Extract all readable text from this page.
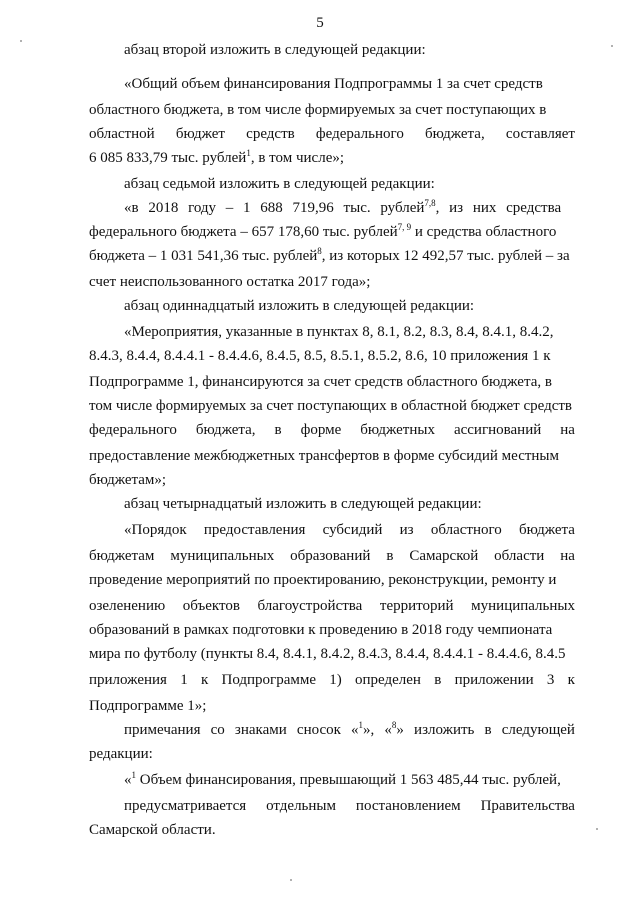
5
абзац второй изложить в следующей редакции:
«Общий объем финансирования Подпрограммы 1 за счет средств
областного бюджета, в том числе формируемых за счет поступающих в
областной бюджет средств федерального бюджета, составляет
6 085 833,79 тыс. рублей$^1$, в том числе»;
абзац седьмой изложить в следующей редакции:
«в 2018 году – 1 688 719,96 тыс. рублей$^{7,8}$, из них средства
федерального бюджета – 657 178,60 тыс. рублей$^{7, 9}$ и средства областного
бюджета – 1 031 541,36 тыс. рублей$^8$, из которых 12 492,57 тыс. рублей – за
счет неиспользованного остатка 2017 года»;
абзац одиннадцатый изложить в следующей редакции:
«Мероприятия, указанные в пунктах 8, 8.1, 8.2, 8.3, 8.4, 8.4.1, 8.4.2,
8.4.3, 8.4.4, 8.4.4.1 - 8.4.4.6, 8.4.5, 8.5, 8.5.1, 8.5.2, 8.6, 10 приложения 1 к
Подпрограмме 1, финансируются за счет средств областного бюджета, в
том числе формируемых за счет поступающих в областной бюджет средств
федерального бюджета, в форме бюджетных ассигнований на
предоставление межбюджетных трансфертов в форме субсидий местным
бюджетам»;
абзац четырнадцатый изложить в следующей редакции:
«Порядок предоставления субсидий из областного бюджета
бюджетам муниципальных образований в Самарской области на
проведение мероприятий по проектированию, реконструкции, ремонту и
озеленению объектов благоустройства территорий муниципальных
образований в рамках подготовки к проведению в 2018 году чемпионата
мира по футболу (пункты 8.4, 8.4.1, 8.4.2, 8.4.3, 8.4.4, 8.4.4.1 - 8.4.4.6, 8.4.5
приложения 1 к Подпрограмме 1) определен в приложении 3 к
Подпрограмме 1»;
примечания со знаками сносок «$^1$», «$^8$» изложить в следующей
редакции:
«$^1$ Объем финансирования, превышающий 1 563 485,44 тыс. рублей,
предусматривается отдельным постановлением Правительства
Самарской области.
